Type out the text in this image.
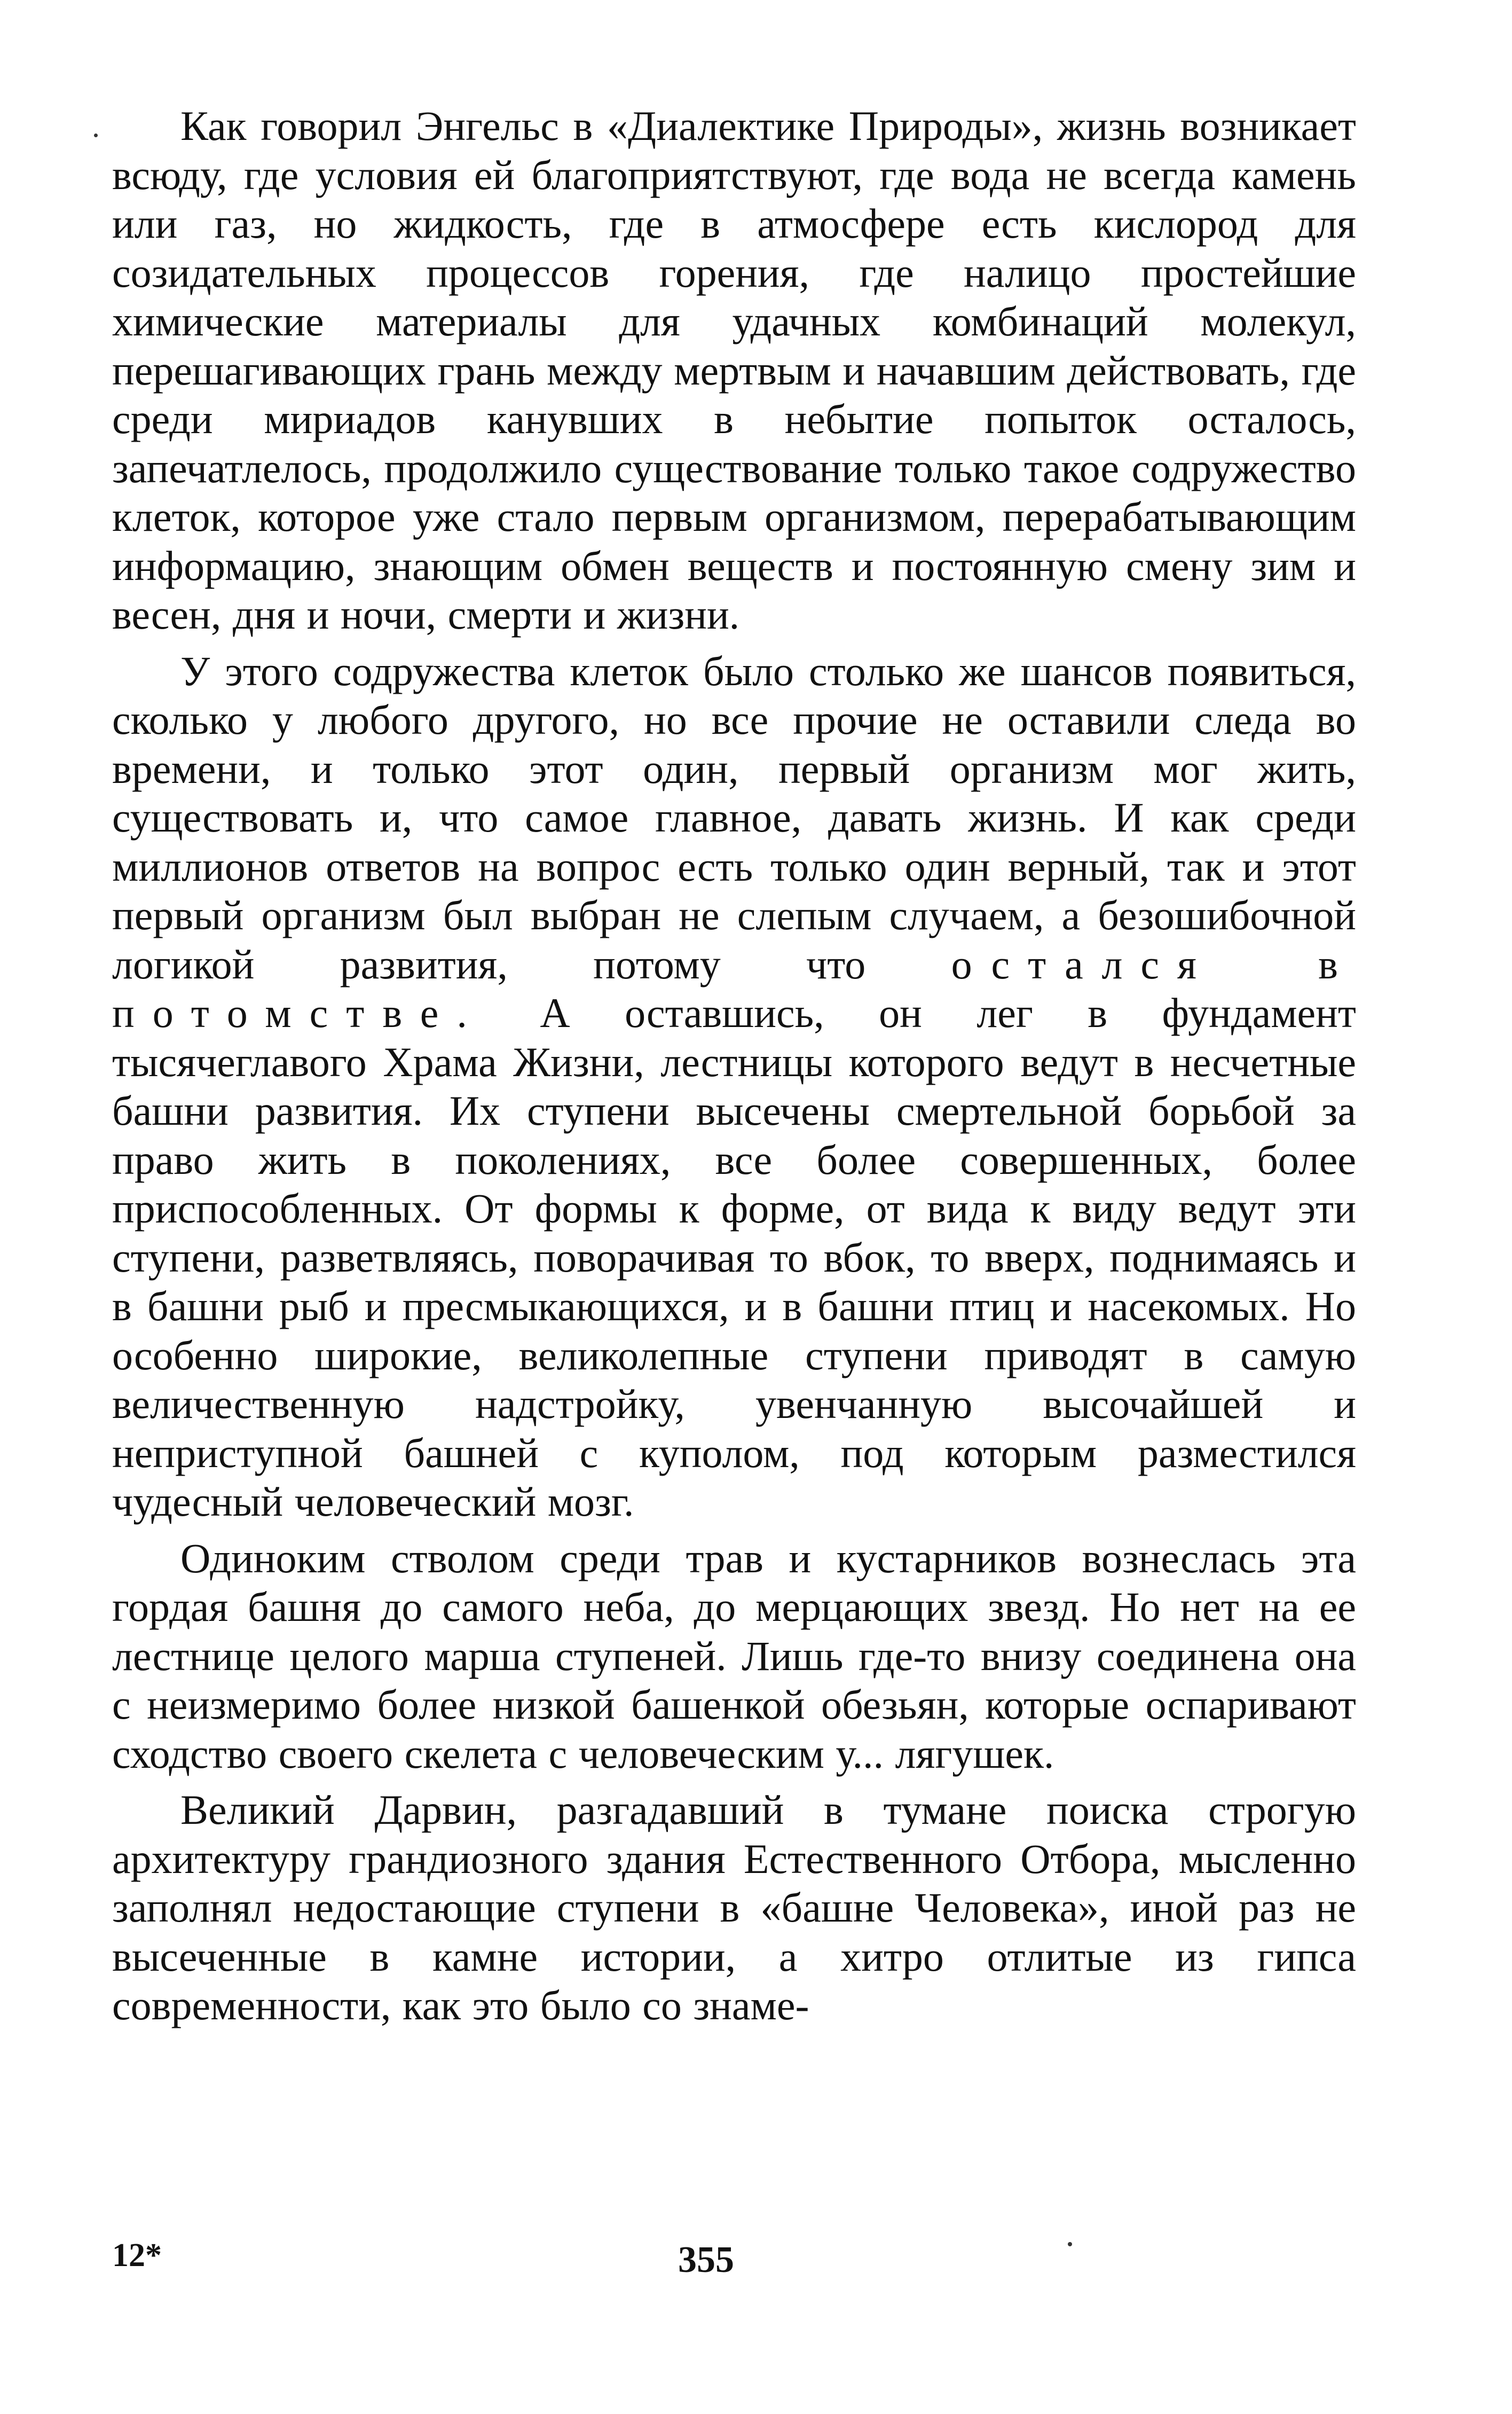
Как говорил Энгельс в «Диалектике Природы», жизнь возникает всюду, где условия ей благоприятствуют, где вода не всегда камень или газ, но жидкость, где в атмосфере есть кислород для созидательных процессов горения, где налицо простейшие химические материалы для удачных комбинаций молекул, перешагивающих грань между мертвым и начавшим действовать, где среди мириадов канувших в небытие попыток осталось, запечатлелось, продолжило существование только такое содружество клеток, которое уже стало первым организмом, перерабатывающим информацию, знающим обмен веществ и постоянную смену зим и весен, дня и ночи, смерти и жизни.

У этого содружества клеток было столько же шансов появиться, сколько у любого другого, но все прочие не оставили следа во времени, и только этот один, первый организм мог жить, существовать и, что самое главное, давать жизнь. И как среди миллионов ответов на вопрос есть только один верный, так и этот первый организм был выбран не слепым случаем, а безошибочной логикой развития, потому что остался в потомстве. А оставшись, он лег в фундамент тысячеглавого Храма Жизни, лестницы которого ведут в несчетные башни развития. Их ступени высечены смертельной борьбой за право жить в поколениях, все более совершенных, более приспособленных. От формы к форме, от вида к виду ведут эти ступени, разветвляясь, поворачивая то вбок, то вверх, поднимаясь и в башни рыб и пресмыкающихся, и в башни птиц и насекомых. Но особенно широкие, великолепные ступени приводят в самую величественную надстройку, увенчанную высочайшей и неприступной башней с куполом, под которым разместился чудесный человеческий мозг.

Одиноким стволом среди трав и кустарников вознеслась эта гордая башня до самого неба, до мерцающих звезд. Но нет на ее лестнице целого марша ступеней. Лишь где-то внизу соединена она с неизмеримо более низкой башенкой обезьян, которые оспаривают сходство своего скелета с человеческим у... лягушек.

Великий Дарвин, разгадавший в тумане поиска строгую архитектуру грандиозного здания Естественного Отбора, мысленно заполнял недостающие ступени в «башне Человека», иной раз не высеченные в камне истории, а хитро отлитые из гипса современности, как это было со знаме-

12*	355
